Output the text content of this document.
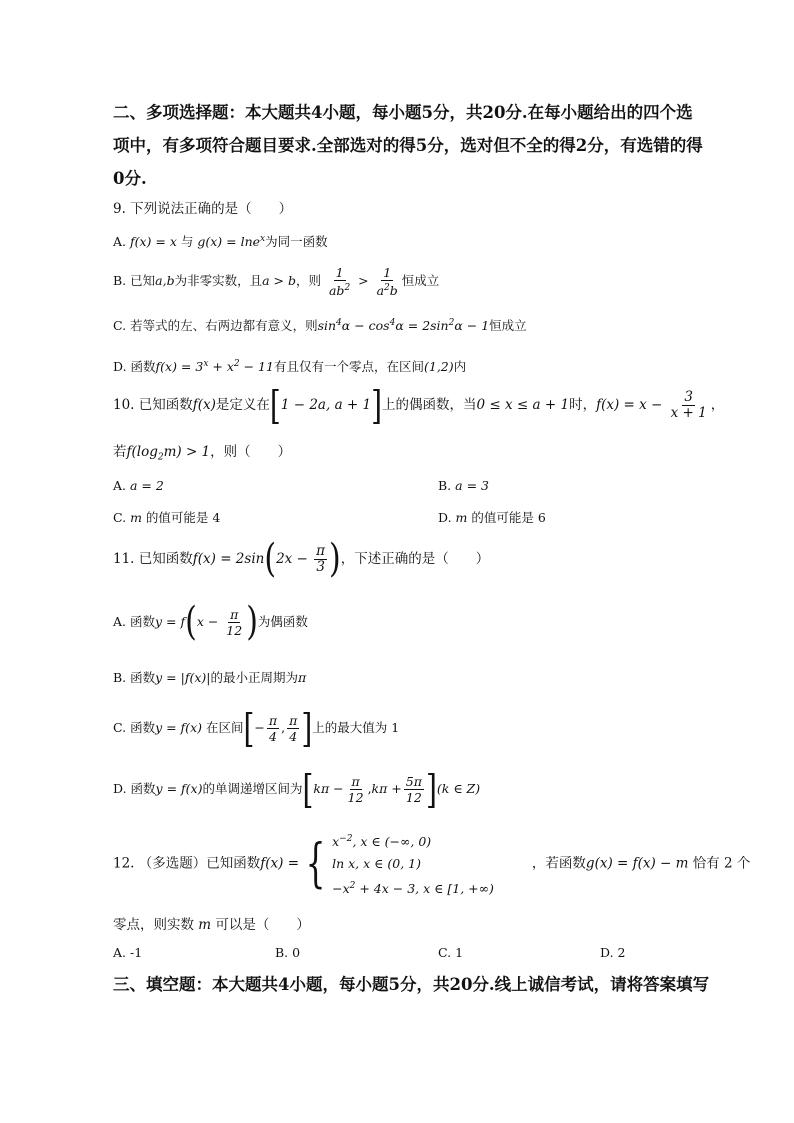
二、多项选择题：本大题共4小题，每小题5分，共20分.在每小题给出的四个选项中，有多项符合题目要求.全部选对的得5分，选对但不全的得2分，有选错的得0分.
9. 下列说法正确的是（　　）
A. f(x) = x 与 g(x) = lne$^x$为同一函数
B. 已知a,b为非零实数，且a > b，则 $\frac{1}{ab^2} > \frac{1}{a^2b}$ 恒成立
C. 若等式的左、右两边都有意义，则$\sin^4\alpha - \cos^4\alpha = 2\sin^2\alpha - 1$恒成立
D. 函数$f(x) = 3^x + x^2 - 11$有且仅有一个零点，在区间(1,2)内
10. 已知函数f(x)是定义在[1 − 2a, a + 1]上的偶函数，当0 ≤ x ≤ a + 1时，$f(x) = x - \frac{3}{x + 1}$ ，
若$f(\log_2m) > 1$，则（　　）
A. a = 2	B. a = 3
C. m 的值可能是 4	D. m 的值可能是 6
11. 已知函数$f(x) = 2\sin(2x - \frac{\pi}{3}$ )，下述正确的是（　　）
A. 函数$y = f(x - \frac{\pi}{12}$ )为偶函数
B. 函数y = |f(x)|的最小正周期为π
C. 函数y = f(x) 在区间[− $\frac{\pi}{4}$ , $\frac{\pi}{4}$ ]上的最大值为 1
D. 函数y = f(x)的单调递增区间为$[k\pi - \frac{\pi}{12} ,k\pi + \frac{5\pi}{12} ](k$ ∈ Z)
12. （多选题）已知函数f(x) = { $x^{-2}$, x ∈ (−∞, 0)
ln x, x ∈ (0, 1)
$-x^2 + 4x - 3$, x ∈ [1, +∞)
，若函数g(x) = f(x) − m 恰有 2 个
零点，则实数 m 可以是（　　）
A. -1	B. 0	C. 1	D. 2
三、填空题：本大题共4小题，每小题5分，共20分.线上诚信考试，请将答案填写
